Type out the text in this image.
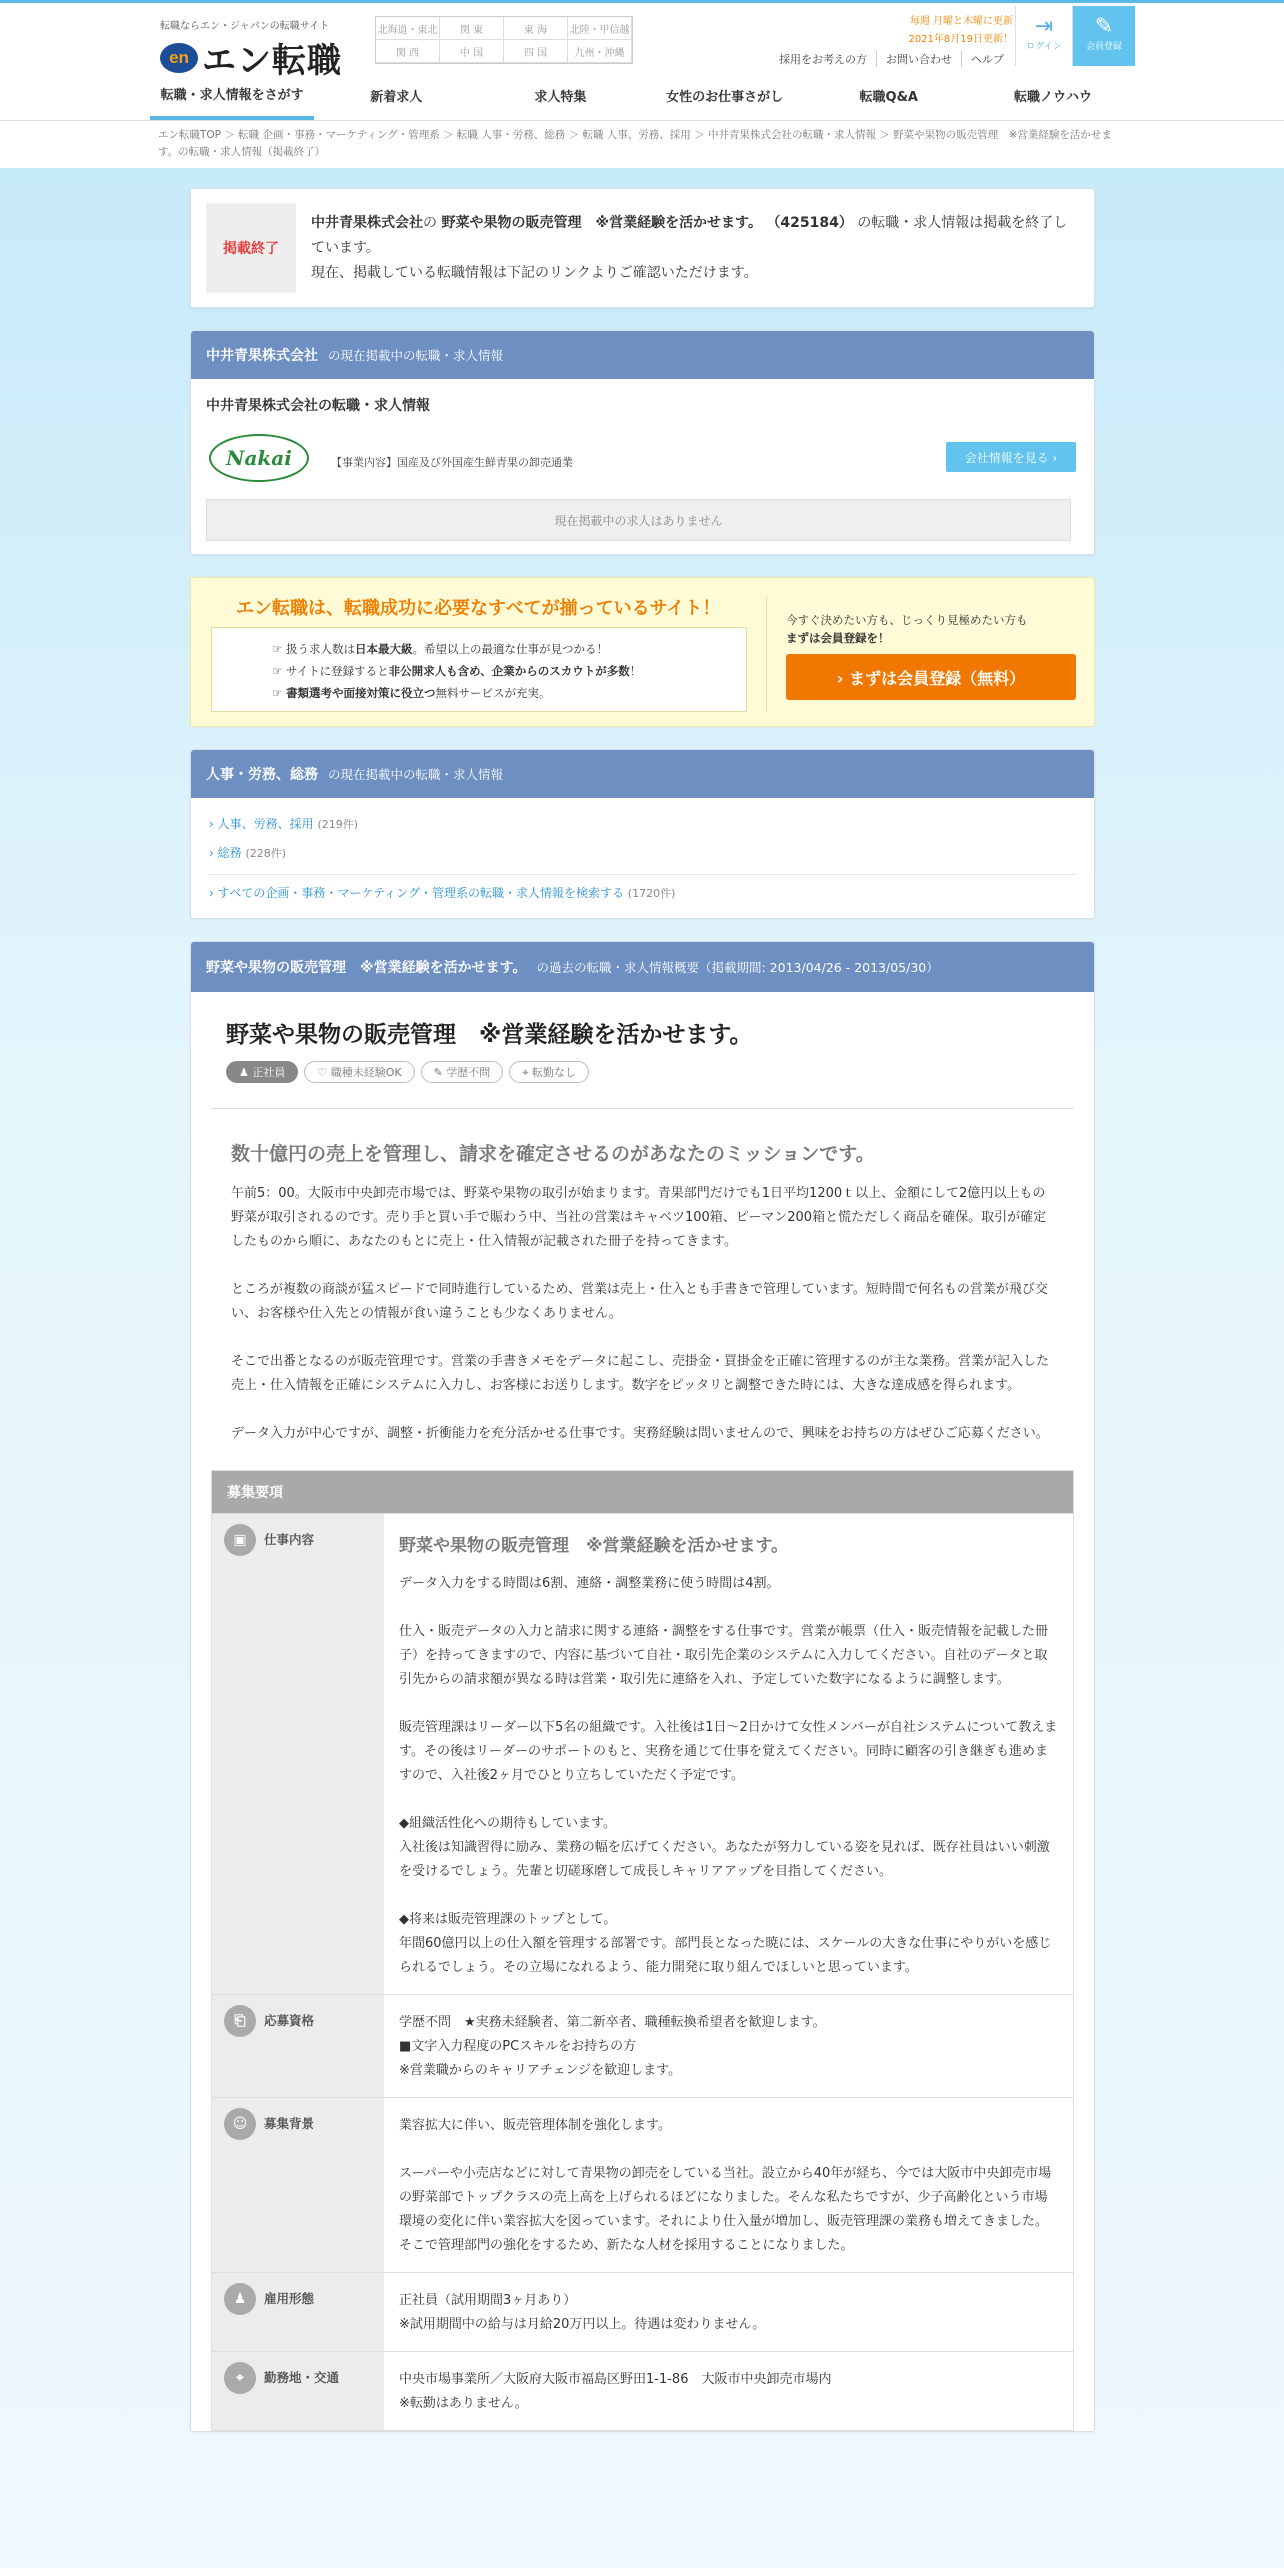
転職ならエン・ジャパンの転職サイト
en エン転職
北海道・東北	関 東	東 海	北陸・甲信越
関 西	中 国	四 国	九州・沖縄
毎週 月曜と木曜に更新
2021年8月19日更新！
採用をお考えの方	お問い合わせ	ヘルプ
⇥
ログイン
✎
会員登録
転職・求人情報をさがす	新着求人	求人特集	女性のお仕事さがし	転職Q&A	転職ノウハウ
エン転職TOP ＞ 転職 企画・事務・マーケティング・管理系 ＞ 転職 人事・労務、総務 ＞ 転職 人事、労務、採用 ＞ 中井青果株式会社の転職・求人情報 ＞ 野菜や果物の販売管理　※営業経験を活かせます。の転職・求人情報（掲載終了）
掲載終了
中井青果株式会社の 野菜や果物の販売管理　※営業経験を活かせます。 （425184） の転職・求人情報は掲載を終了しています。
現在、掲載している転職情報は下記のリンクよりご確認いただけます。
中井青果株式会社 の現在掲載中の転職・求人情報
中井青果株式会社の転職・求人情報
Nakai	【事業内容】国産及び外国産生鮮青果の卸売通業	会社情報を見る ›
現在掲載中の求人はありません
エン転職は、転職成功に必要なすべてが揃っているサイト！
☞ 扱う求人数は日本最大級。希望以上の最適な仕事が見つかる！
☞ サイトに登録すると非公開求人も含め、企業からのスカウトが多数！
☞ 書類選考や面接対策に役立つ無料サービスが充実。
今すぐ決めたい方も、じっくり見極めたい方も
まずは会員登録を！
› まずは会員登録（無料）
人事・労務、総務 の現在掲載中の転職・求人情報
› 人事、労務、採用 (219件)
› 総務 (228件)
› すべての企画・事務・マーケティング・管理系の転職・求人情報を検索する (1720件)
野菜や果物の販売管理　※営業経験を活かせます。 の過去の転職・求人情報概要（掲載期間: 2013/04/26 - 2013/05/30）
野菜や果物の販売管理　※営業経験を活かせます。
♟ 正社員	♡ 職種未経験OK	✎ 学歴不問	⌖ 転勤なし
数十億円の売上を管理し、請求を確定させるのがあなたのミッションです。

午前5：00。大阪市中央卸売市場では、野菜や果物の取引が始まります。青果部門だけでも1日平均1200ｔ以上、金額にして2億円以上もの野菜が取引されるのです。売り手と買い手で賑わう中、当社の営業はキャベツ100箱、ピーマン200箱と慌ただしく商品を確保。取引が確定したものから順に、あなたのもとに売上・仕入情報が記載された冊子を持ってきます。

ところが複数の商談が猛スピードで同時進行しているため、営業は売上・仕入とも手書きで管理しています。短時間で何名もの営業が飛び交い、お客様や仕入先との情報が食い違うことも少なくありません。

そこで出番となるのが販売管理です。営業の手書きメモをデータに起こし、売掛金・買掛金を正確に管理するのが主な業務。営業が記入した売上・仕入情報を正確にシステムに入力し、お客様にお送りします。数字をピッタリと調整できた時には、大きな達成感を得られます。

データ入力が中心ですが、調整・折衝能力を充分活かせる仕事です。実務経験は問いませんので、興味をお持ちの方はぜひご応募ください。

募集要項
▣	仕事内容	野菜や果物の販売管理　※営業経験を活かせます。

データ入力をする時間は6割、連絡・調整業務に使う時間は4割。

仕入・販売データの入力と請求に関する連絡・調整をする仕事です。営業が帳票（仕入・販売情報を記載した冊子）を持ってきますので、内容に基づいて自社・取引先企業のシステムに入力してください。自社のデータと取引先からの請求額が異なる時は営業・取引先に連絡を入れ、予定していた数字になるように調整します。

販売管理課はリーダー以下5名の組織です。入社後は1日～2日かけて女性メンバーが自社システムについて教えます。その後はリーダーのサポートのもと、実務を通じて仕事を覚えてください。同時に顧客の引き継ぎも進めますので、入社後2ヶ月でひとり立ちしていただく予定です。

◆組織活性化への期待もしています。
入社後は知識習得に励み、業務の幅を広げてください。あなたが努力している姿を見れば、既存社員はいい刺激を受けるでしょう。先輩と切磋琢磨して成長しキャリアアップを目指してください。

◆将来は販売管理課のトップとして。
年間60億円以上の仕入額を管理する部署です。部門長となった暁には、スケールの大きな仕事にやりがいを感じられるでしょう。その立場になれるよう、能力開発に取り組んでほしいと思っています。

⎗	応募資格	学歴不問　★実務未経験者、第二新卒者、職種転換希望者を歓迎します。
■文字入力程度のPCスキルをお持ちの方
※営業職からのキャリアチェンジを歓迎します。

☺	募集背景	業容拡大に伴い、販売管理体制を強化します。

スーパーや小売店などに対して青果物の卸売をしている当社。設立から40年が経ち、今では大阪市中央卸売市場の野菜部でトップクラスの売上高を上げられるほどになりました。そんな私たちですが、少子高齢化という市場環境の変化に伴い業容拡大を図っています。それにより仕入量が増加し、販売管理課の業務も増えてきました。そこで管理部門の強化をするため、新たな人材を採用することになりました。

♟	雇用形態	正社員（試用期間3ヶ月あり）
※試用期間中の給与は月給20万円以上。待遇は変わりません。

⌖	勤務地・交通	中央市場事業所／大阪府大阪市福島区野田1-1-86　大阪市中央卸売市場内
※転勤はありません。
